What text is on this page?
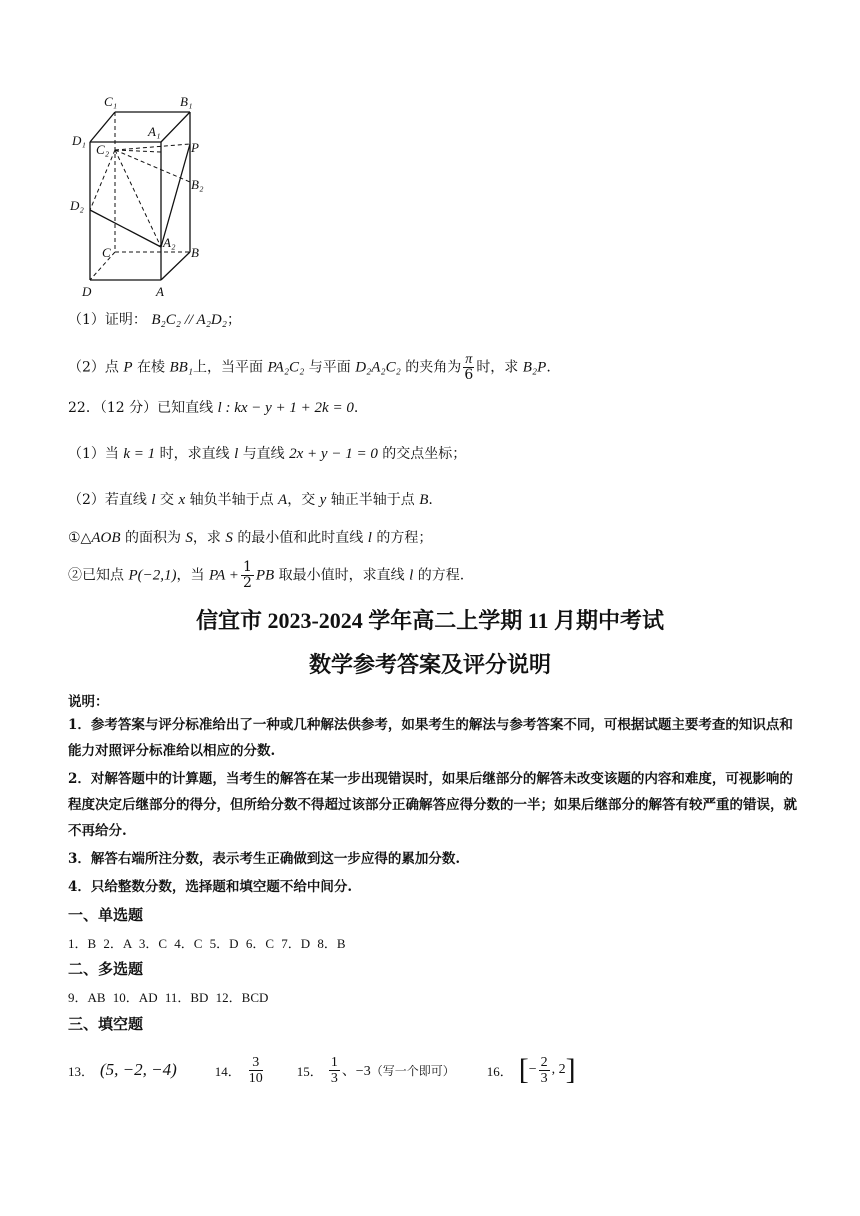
C₁	B₁
A₁
D₁
C₂	P
B₂
D₂
A₂
C	B
D	A
（1）证明： B₂C₂ // A₂D₂；
（2）点 P 在棱 BB₁上，当平面 PA₂C₂ 与平面 D₂A₂C₂ 的夹角为 $\frac{\pi}{6}$ 时，求 B₂P.
22．（12 分）已知直线 l : kx − y + 1 + 2k = 0.
（1）当 k = 1 时，求直线 l 与直线 2x + y − 1 = 0 的交点坐标；
（2）若直线 l 交 x 轴负半轴于点 A，交 y 轴正半轴于点 B.
①△AOB 的面积为 S，求 S 的最小值和此时直线 l 的方程；
②已知点 P(−2,1)，当 PA + $\frac{1}{2}$ PB 取最小值时，求直线 l 的方程.
信宜市 2023-2024 学年高二上学期 11 月期中考试
数学参考答案及评分说明
说明：
1．参考答案与评分标准给出了一种或几种解法供参考，如果考生的解法与参考答案不同，可根据试题主要考查的知识点和能力对照评分标准给以相应的分数.
2．对解答题中的计算题，当考生的解答在某一步出现错误时，如果后继部分的解答未改变该题的内容和难度，可视影响的程度决定后继部分的得分，但所给分数不得超过该部分正确解答应得分数的一半；如果后继部分的解答有较严重的错误，就不再给分.
3．解答右端所注分数，表示考生正确做到这一步应得的累加分数.
4．只给整数分数，选择题和填空题不给中间分.
一、单选题
1．B 2．A 3．C 4．C 5．D 6．C 7．D 8．B
二、多选题
9．AB 10．AD 11．BD 12．BCD
三、填空题
13． (5, −2, −4)	14． $\frac{3}{10}$	15． $\frac{1}{3}$ 、−3 （写一个即可） 16． [ − $\frac{2}{3}$ , 2 ]
